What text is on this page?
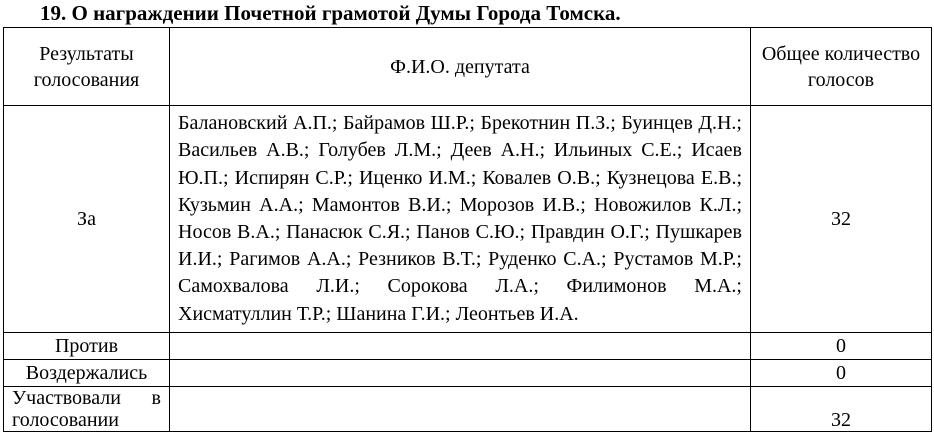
19. О награждении Почетной грамотой Думы Города Томска.
Результаты голосования	Ф.И.О. депутата	Общее количество голосов
За	Балановский А.П.; Байрамов Ш.Р.; Брекотнин П.З.; Буинцев Д.Н.; Васильев А.В.; Голубев Л.М.; Деев А.Н.; Ильиных С.Е.; Исаев Ю.П.; Испирян С.Р.; Иценко И.М.; Ковалев О.В.; Кузнецова Е.В.; Кузьмин А.А.; Мамонтов В.И.; Морозов И.В.; Новожилов К.Л.; Носов В.А.; Панасюк С.Я.; Панов С.Ю.; Правдин О.Г.; Пушкарев И.И.; Рагимов А.А.; Резников В.Т.; Руденко С.А.; Рустамов М.Р.; Самохвалова Л.И.; Сорокова Л.А.; Филимонов М.А.; Хисматуллин Т.Р.; Шанина Г.И.; Леонтьев И.А.	32
Против		0
Воздержались		0
Участвовали в голосовании		32
